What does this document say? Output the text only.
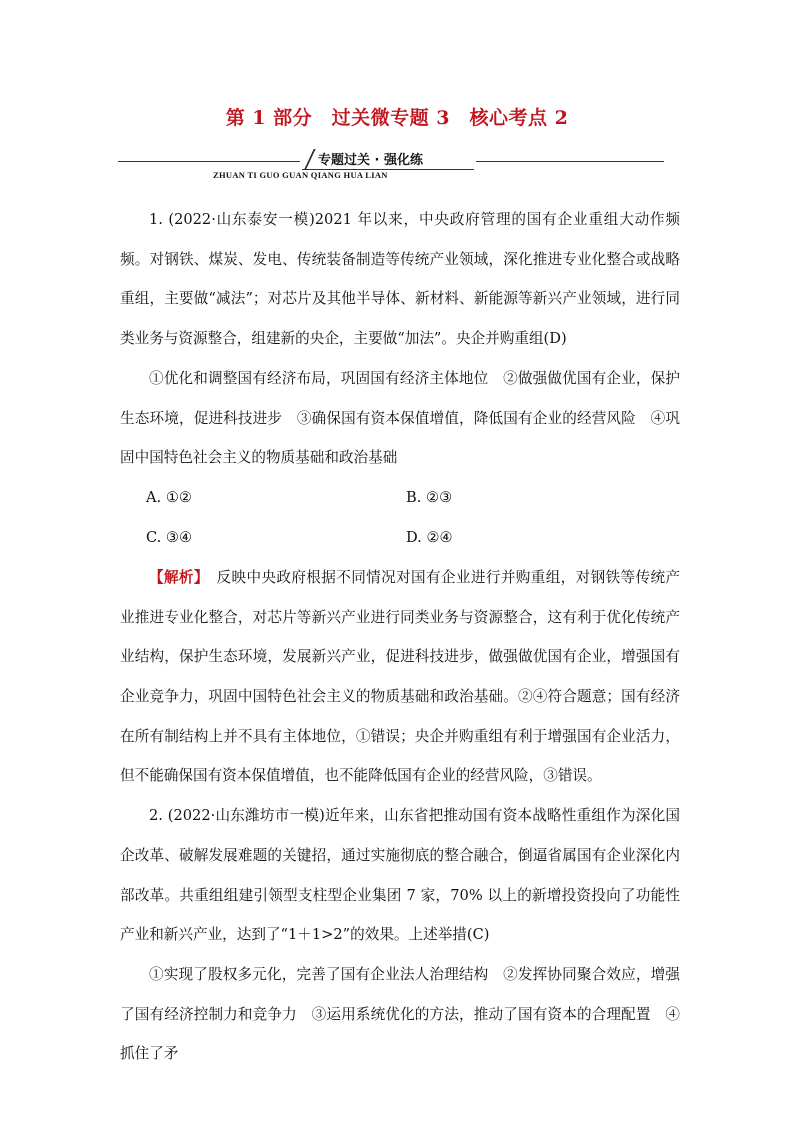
第 1 部分　过关微专题 3　核心考点 2
专题过关 · 强化练
ZHUAN TI GUO GUAN QIANG HUA LIAN

1. (2022·山东泰安一模)2021 年以来，中央政府管理的国有企业重组大动作频频。对钢铁、煤炭、发电、传统装备制造等传统产业领域，深化推进专业化整合或战略重组，主要做“减法”；对芯片及其他半导体、新材料、新能源等新兴产业领域，进行同类业务与资源整合，组建新的央企，主要做“加法”。央企并购重组(D)

①优化和调整国有经济布局，巩固国有经济主体地位　②做强做优国有企业，保护生态环境，促进科技进步　③确保国有资本保值增值，降低国有企业的经营风险　④巩固中国特色社会主义的物质基础和政治基础

A. ①②	B. ②③
C. ③④	D. ②④

【解析】　反映中央政府根据不同情况对国有企业进行并购重组，对钢铁等传统产业推进专业化整合，对芯片等新兴产业进行同类业务与资源整合，这有利于优化传统产业结构，保护生态环境，发展新兴产业，促进科技进步，做强做优国有企业，增强国有企业竞争力，巩固中国特色社会主义的物质基础和政治基础。②④符合题意；国有经济在所有制结构上并不具有主体地位，①错误；央企并购重组有利于增强国有企业活力，但不能确保国有资本保值增值，也不能降低国有企业的经营风险，③错误。

2. (2022·山东潍坊市一模)近年来，山东省把推动国有资本战略性重组作为深化国企改革、破解发展难题的关键招，通过实施彻底的整合融合，倒逼省属国有企业深化内部改革。共重组组建引领型支柱型企业集团 7 家，70% 以上的新增投资投向了功能性产业和新兴产业，达到了“1＋1>2”的效果。上述举措(C)

①实现了股权多元化，完善了国有企业法人治理结构　②发挥协同聚合效应，增强了国有经济控制力和竞争力　③运用系统优化的方法，推动了国有资本的合理配置　④抓住了矛
